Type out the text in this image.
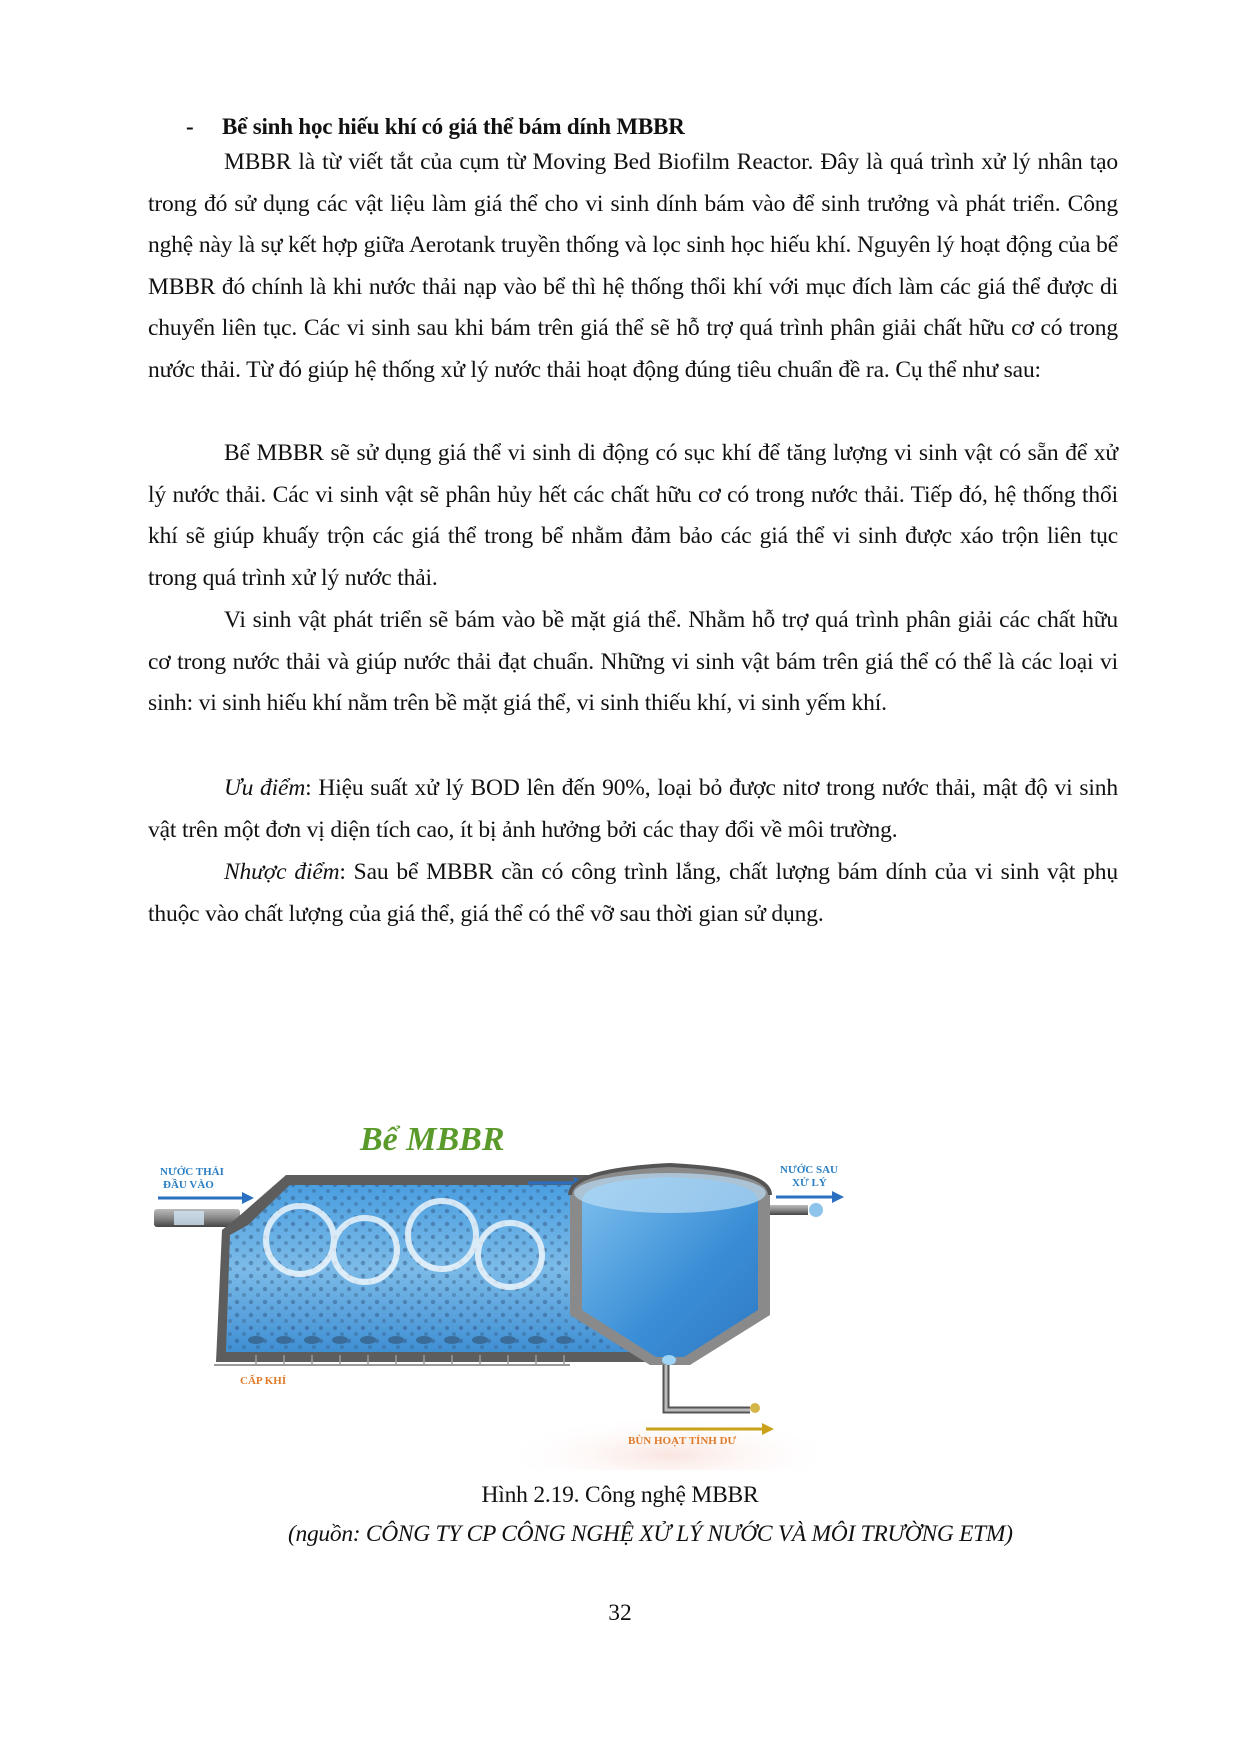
- Bể sinh học hiếu khí có giá thể bám dính MBBR
MBBR là từ viết tắt của cụm từ Moving Bed Biofilm Reactor. Đây là quá trình xử lý nhân tạo trong đó sử dụng các vật liệu làm giá thể cho vi sinh dính bám vào để sinh trưởng và phát triển. Công nghệ này là sự kết hợp giữa Aerotank truyền thống và lọc sinh học hiếu khí. Nguyên lý hoạt động của bể MBBR đó chính là khi nước thải nạp vào bể thì hệ thống thổi khí với mục đích làm các giá thể được di chuyển liên tục. Các vi sinh sau khi bám trên giá thể sẽ hỗ trợ quá trình phân giải chất hữu cơ có trong nước thải. Từ đó giúp hệ thống xử lý nước thải hoạt động đúng tiêu chuẩn đề ra. Cụ thể như sau:
Bể MBBR sẽ sử dụng giá thể vi sinh di động có sục khí để tăng lượng vi sinh vật có sẵn để xử lý nước thải. Các vi sinh vật sẽ phân hủy hết các chất hữu cơ có trong nước thải. Tiếp đó, hệ thống thổi khí sẽ giúp khuấy trộn các giá thể trong bể nhằm đảm bảo các giá thể vi sinh được xáo trộn liên tục trong quá trình xử lý nước thải.
Vi sinh vật phát triển sẽ bám vào bề mặt giá thể. Nhằm hỗ trợ quá trình phân giải các chất hữu cơ trong nước thải và giúp nước thải đạt chuẩn. Những vi sinh vật bám trên giá thể có thể là các loại vi sinh: vi sinh hiếu khí nằm trên bề mặt giá thể, vi sinh thiếu khí, vi sinh yếm khí.
Ưu điểm: Hiệu suất xử lý BOD lên đến 90%, loại bỏ được nitơ trong nước thải, mật độ vi sinh vật trên một đơn vị diện tích cao, ít bị ảnh hưởng bởi các thay đổi về môi trường.
Nhược điểm: Sau bể MBBR cần có công trình lắng, chất lượng bám dính của vi sinh vật phụ thuộc vào chất lượng của giá thể, giá thể có thể vỡ sau thời gian sử dụng.
Bể MBBR
NƯỚC THẢI
ĐẦU VÀO
CẤP KHÍ
BÙN HOẠT TÍNH DƯ
NƯỚC SAU
XỬ LÝ
Hình 2.19. Công nghệ MBBR
(nguồn: CÔNG TY CP CÔNG NGHỆ XỬ LÝ NƯỚC VÀ MÔI TRƯỜNG ETM)
32
